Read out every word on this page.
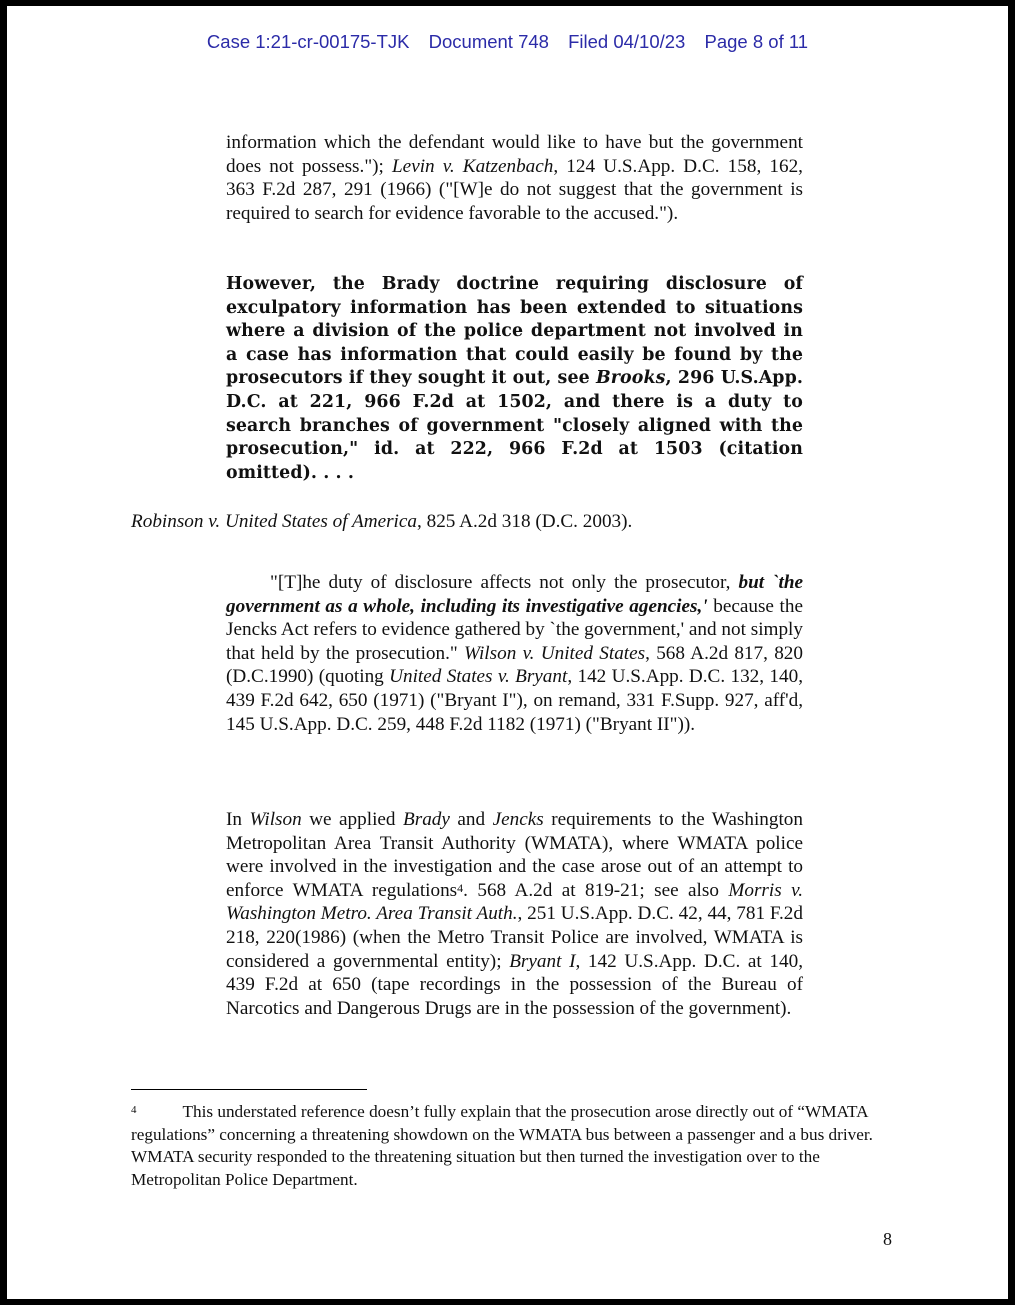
Case 1:21-cr-00175-TJK Document 748 Filed 04/10/23 Page 8 of 11
information which the defendant would like to have but the government does not possess."); Levin v. Katzenbach, 124 U.S.App. D.C. 158, 162, 363 F.2d 287, 291 (1966) ("[W]e do not suggest that the government is required to search for evidence favorable to the accused.").
However, the Brady doctrine requiring disclosure of exculpatory information has been extended to situations where a division of the police department not involved in a case has information that could easily be found by the prosecutors if they sought it out, see Brooks, 296 U.S.App. D.C. at 221, 966 F.2d at 1502, and there is a duty to search branches of government "closely aligned with the prosecution," id. at 222, 966 F.2d at 1503 (citation omitted). . . .
Robinson v. United States of America, 825 A.2d 318 (D.C. 2003).
"[T]he duty of disclosure affects not only the prosecutor, but `the government as a whole, including its investigative agencies,' because the Jencks Act refers to evidence gathered by `the government,' and not simply that held by the prosecution." Wilson v. United States, 568 A.2d 817, 820 (D.C.1990) (quoting United States v. Bryant, 142 U.S.App. D.C. 132, 140, 439 F.2d 642, 650 (1971) ("Bryant I"), on remand, 331 F.Supp. 927, aff'd, 145 U.S.App. D.C. 259, 448 F.2d 1182 (1971) ("Bryant II")).
In Wilson we applied Brady and Jencks requirements to the Washington Metropolitan Area Transit Authority (WMATA), where WMATA police were involved in the investigation and the case arose out of an attempt to enforce WMATA regulations$^4$. 568 A.2d at 819-21; see also Morris v. Washington Metro. Area Transit Auth., 251 U.S.App. D.C. 42, 44, 781 F.2d 218, 220(1986) (when the Metro Transit Police are involved, WMATA is considered a governmental entity); Bryant I, 142 U.S.App. D.C. at 140, 439 F.2d at 650 (tape recordings in the possession of the Bureau of Narcotics and Dangerous Drugs are in the possession of the government).
$^4$	This understated reference doesn’t fully explain that the prosecution arose directly out of “WMATA regulations” concerning a threatening showdown on the WMATA bus between a passenger and a bus driver. WMATA security responded to the threatening situation but then turned the investigation over to the Metropolitan Police Department.
8
